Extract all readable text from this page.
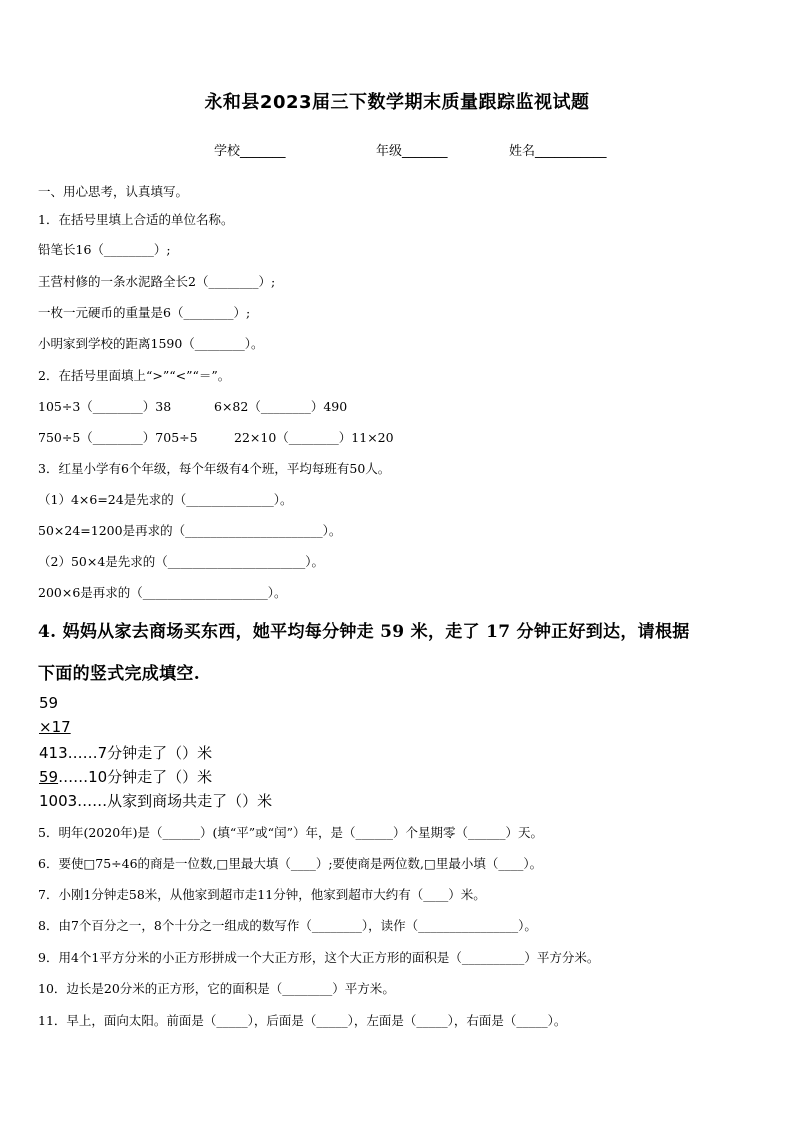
永和县2023届三下数学期末质量跟踪监视试题
学校_______	年级_______	姓名___________
一、用心思考，认真填写。
1．在括号里填上合适的单位名称。
铅笔长16（________）;
王营村修的一条水泥路全长2（________）;
一枚一元硬币的重量是6（________）;
小明家到学校的距离1590（________）。
2．在括号里面填上“>”“<”“＝”。
105÷3（________）38	6×82（________）490
750÷5（________）705÷5	22×10（________）11×20
3．红星小学有6个年级，每个年级有4个班，平均每班有50人。
（1）4×6=24是先求的（______________）。
50×24=1200是再求的（______________________）。
（2）50×4是先求的（______________________）。
200×6是再求的（____________________）。
4. 妈妈从家去商场买东西，她平均每分钟走 59 米，走了 17 分钟正好到达，请根据
下面的竖式完成填空.
59
×17
413……7分钟走了（）米
59……10分钟走了（）米
1003……从家到商场共走了（）米
5．明年(2020年)是（______）(填“平”或“闰”）年，是（______）个星期零（______）天。
6．要使□75÷46的商是一位数,□里最大填（____）;要使商是两位数,□里最小填（____）。
7．小刚1分钟走58米，从他家到超市走11分钟，他家到超市大约有（____）米。
8．由7个百分之一，8个十分之一组成的数写作（________），读作（________________）。
9．用4个1平方分米的小正方形拼成一个大正方形，这个大正方形的面积是（__________）平方分米。
10．边长是20分米的正方形，它的面积是（________）平方米。
11．早上，面向太阳。前面是（_____），后面是（_____），左面是（_____），右面是（_____）。
